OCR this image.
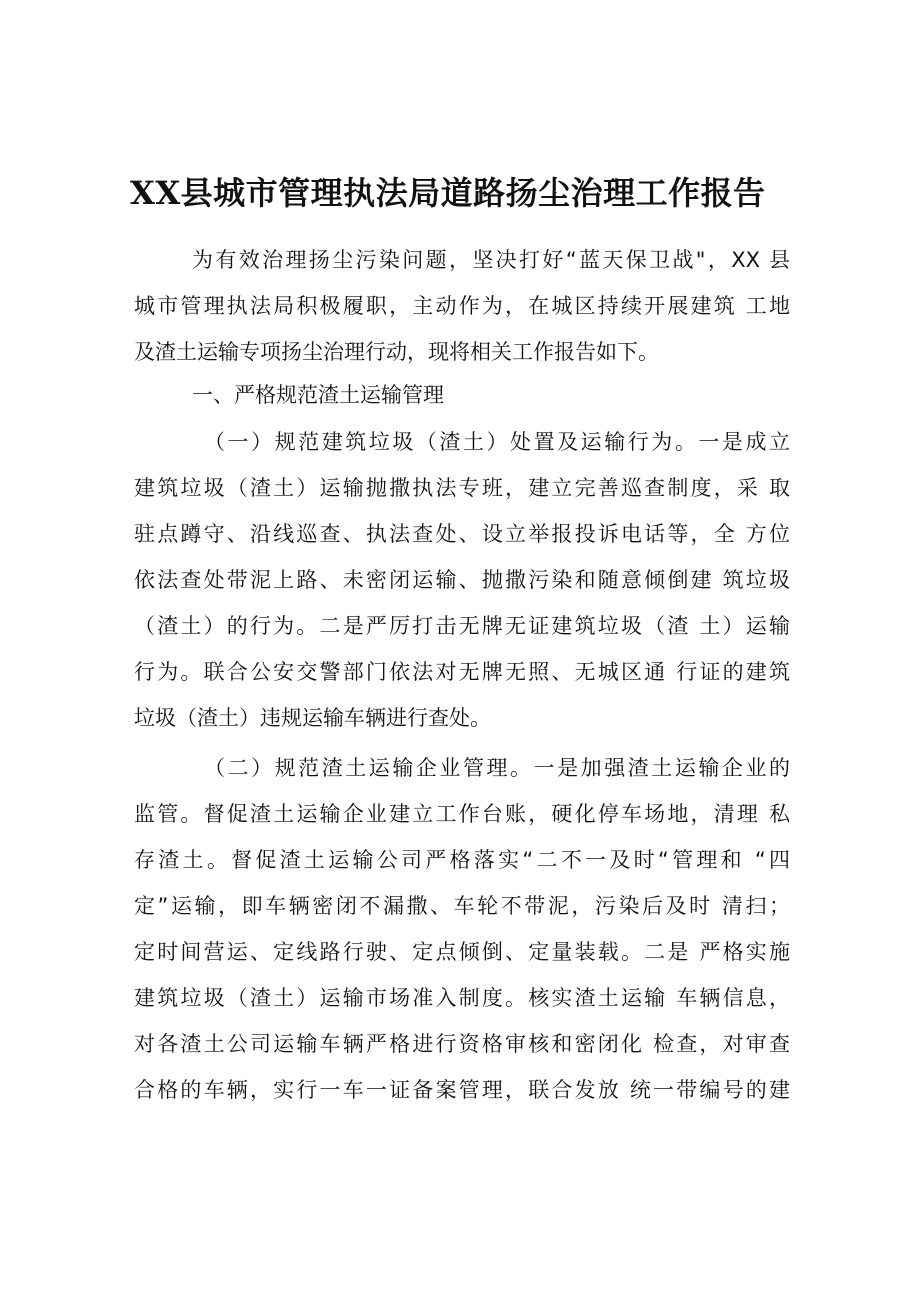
XX县城市管理执法局道路扬尘治理工作报告
为有效治理扬尘污染问题，坚决打好“蓝天保卫战"，XX 县
城市管理执法局积极履职，主动作为，在城区持续开展建筑 工地
及渣土运输专项扬尘治理行动，现将相关工作报告如下。
一、严格规范渣土运输管理
（一）规范建筑垃圾（渣土）处置及运输行为。一是成立
建筑垃圾（渣土）运输抛撒执法专班，建立完善巡查制度，采 取
驻点蹲守、沿线巡查、执法查处、设立举报投诉电话等，全 方位
依法查处带泥上路、未密闭运输、抛撒污染和随意倾倒建 筑垃圾
（渣土）的行为。二是严厉打击无牌无证建筑垃圾（渣 土）运输
行为。联合公安交警部门依法对无牌无照、无城区通 行证的建筑
垃圾（渣土）违规运输车辆进行查处。
（二）规范渣土运输企业管理。一是加强渣土运输企业的
监管。督促渣土运输企业建立工作台账，硬化停车场地，清理 私
存渣土。督促渣土运输公司严格落实“二不一及时“管理和 “四
定”运输，即车辆密闭不漏撒、车轮不带泥，污染后及时 清扫；
定时间营运、定线路行驶、定点倾倒、定量装载。二是 严格实施
建筑垃圾（渣土）运输市场准入制度。核实渣土运输 车辆信息，
对各渣土公司运输车辆严格进行资格审核和密闭化 检查，对审查
合格的车辆，实行一车一证备案管理，联合发放 统一带编号的建
